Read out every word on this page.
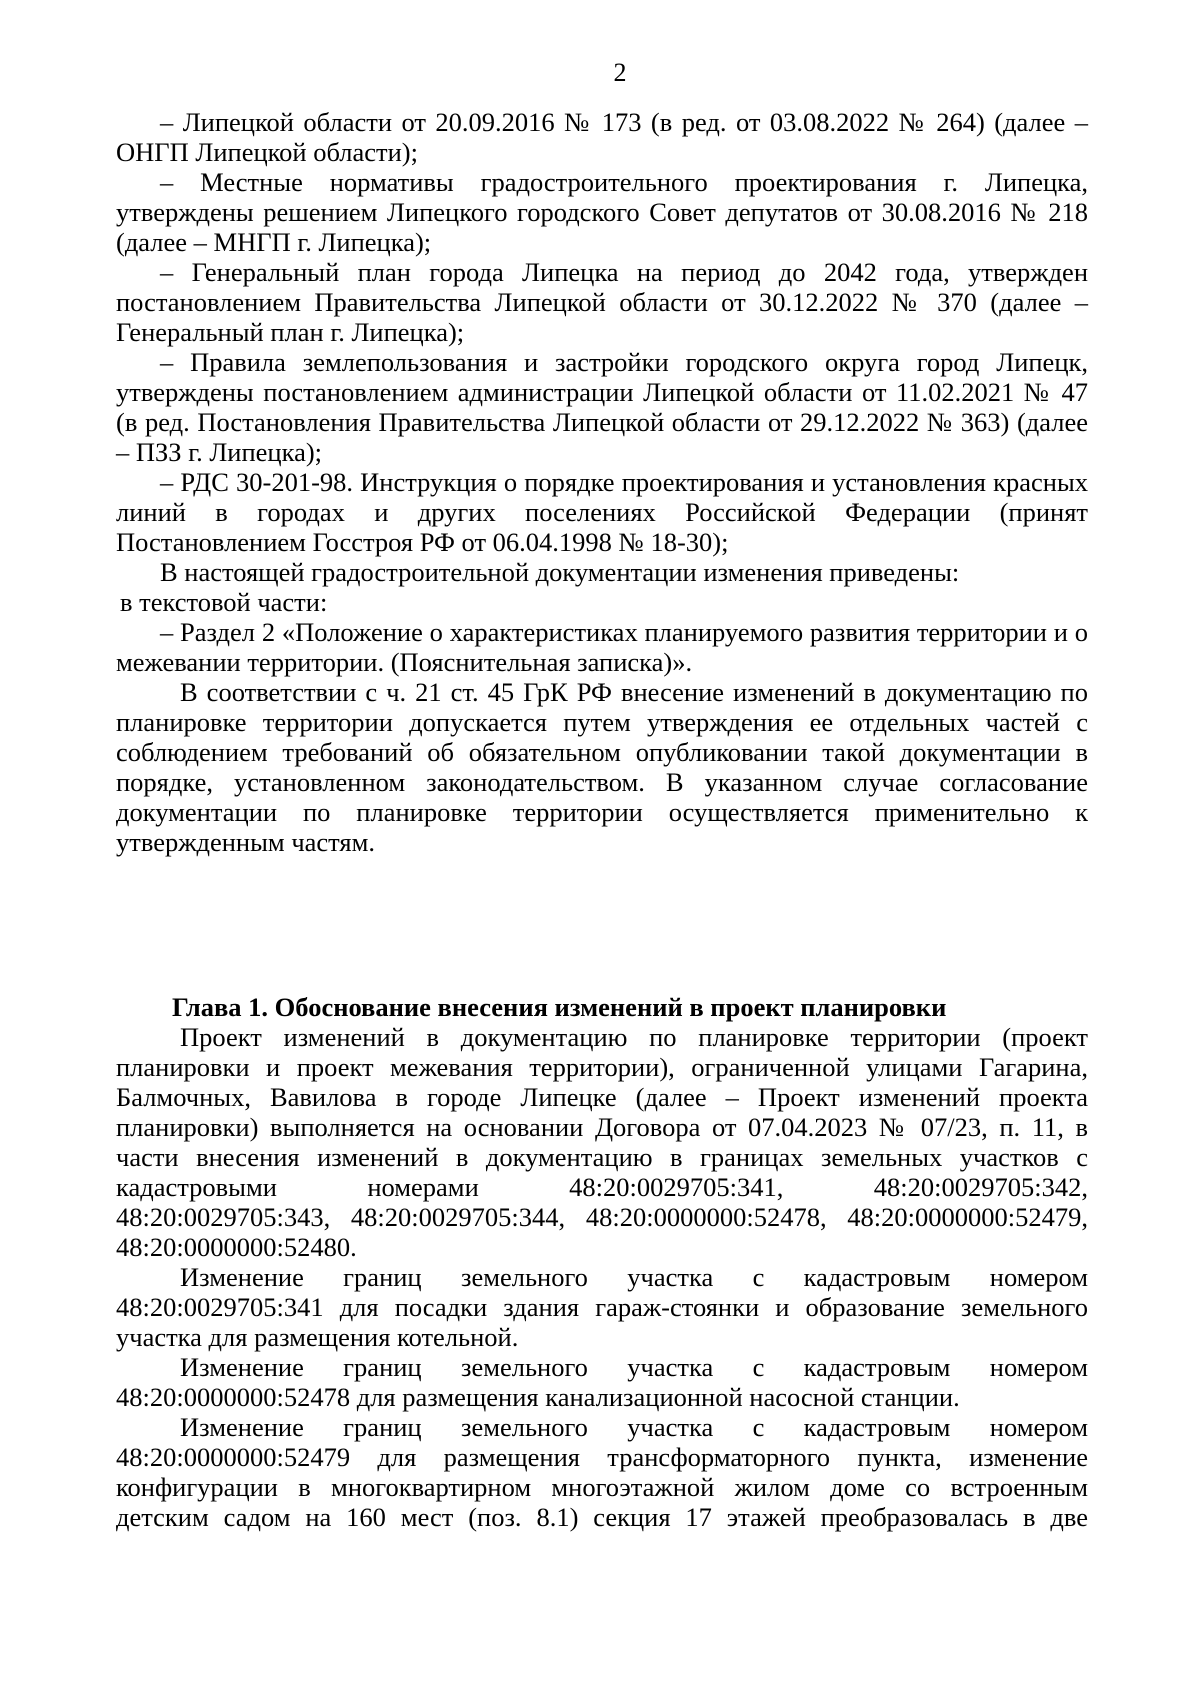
2

– Липецкой области от 20.09.2016 № 173 (в ред. от 03.08.2022 № 264) (далее – ОНГП Липецкой области);

– Местные нормативы градостроительного проектирования г. Липецка, утверждены решением Липецкого городского Совет депутатов от 30.08.2016 № 218 (далее – МНГП г. Липецка);

– Генеральный план города Липецка на период до 2042 года, утвержден постановлением Правительства Липецкой области от 30.12.2022 № 370 (далее – Генеральный план г. Липецка);

– Правила землепользования и застройки городского округа город Липецк, утверждены постановлением администрации Липецкой области от 11.02.2021 № 47 (в ред. Постановления Правительства Липецкой области от 29.12.2022 № 363) (далее – ПЗЗ г. Липецка);

– РДС 30-201-98. Инструкция о порядке проектирования и установления красных линий в городах и других поселениях Российской Федерации (принят Постановлением Госстроя РФ от 06.04.1998 № 18-30);

В настоящей градостроительной документации изменения приведены:

в текстовой части:

– Раздел 2 «Положение о характеристиках планируемого развития территории и о межевании территории. (Пояснительная записка)».

В соответствии с ч. 21 ст. 45 ГрК РФ внесение изменений в документацию по планировке территории допускается путем утверждения ее отдельных частей с соблюдением требований об обязательном опубликовании такой документации в порядке, установленном законодательством. В указанном случае согласование документации по планировке территории осуществляется применительно к утвержденным частям.

Глава 1. Обоснование внесения изменений в проект планировки

Проект изменений в документацию по планировке территории (проект планировки и проект межевания территории), ограниченной улицами Гагарина, Балмочных, Вавилова в городе Липецке (далее – Проект изменений проекта планировки) выполняется на основании Договора от 07.04.2023 № 07/23, п. 11, в части внесения изменений в документацию в границах земельных участков с

кадастровыми номерами 48:20:0029705:341, 48:20:0029705:342,
48:20:0029705:343, 48:20:0029705:344, 48:20:0000000:52478, 48:20:0000000:52479,
48:20:0000000:52480.

Изменение границ земельного участка с кадастровым номером 48:20:0029705:341 для посадки здания гараж-стоянки и образование земельного участка для размещения котельной.

Изменение границ земельного участка с кадастровым номером 48:20:0000000:52478 для размещения канализационной насосной станции.

Изменение границ земельного участка с кадастровым номером 48:20:0000000:52479 для размещения трансформаторного пункта, изменение конфигурации в многоквартирном многоэтажной жилом доме со встроенным детским садом на 160 мест (поз. 8.1) секция 17 этажей преобразовалась в две
